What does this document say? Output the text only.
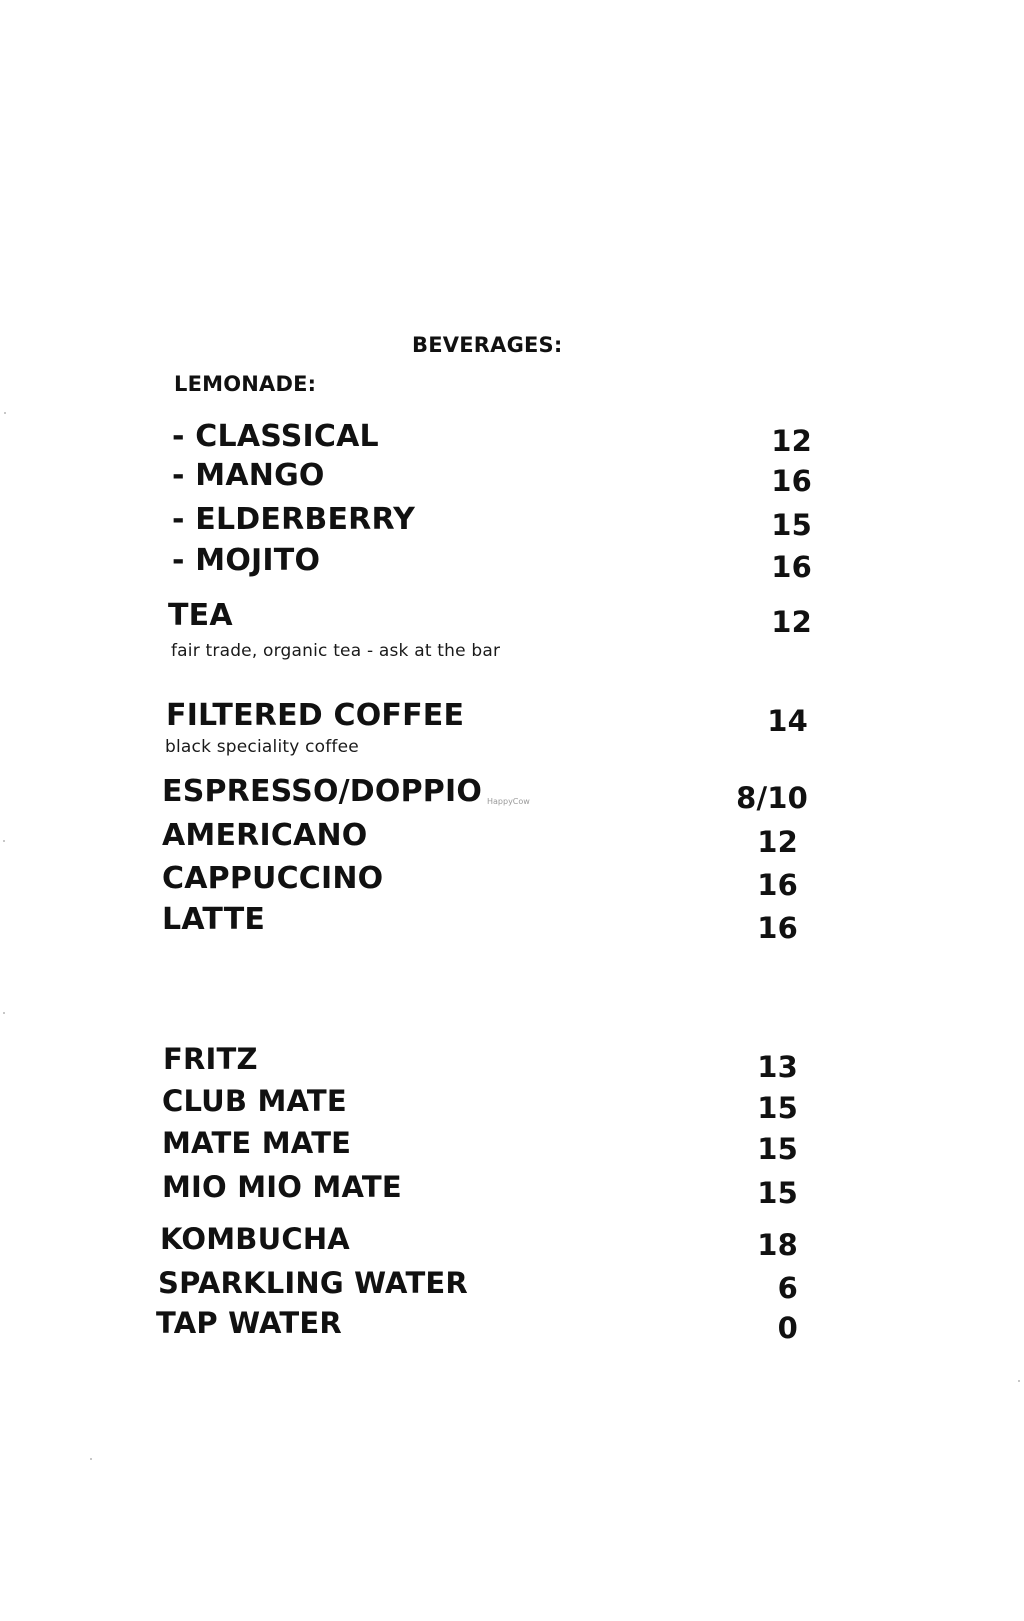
BEVERAGES:
LEMONADE:
- CLASSICAL	12
- MANGO	16
- ELDERBERRY	15
- MOJITO	16
TEA	12
fair trade, organic tea - ask at the bar
FILTERED COFFEE	14
black speciality coffee
ESPRESSO/DOPPIO HappyCow	8/10
AMERICANO	12
CAPPUCCINO	16
LATTE	16
FRITZ	13
CLUB MATE	15
MATE MATE	15
MIO MIO MATE	15
KOMBUCHA	18
SPARKLING WATER	6
TAP WATER	0
